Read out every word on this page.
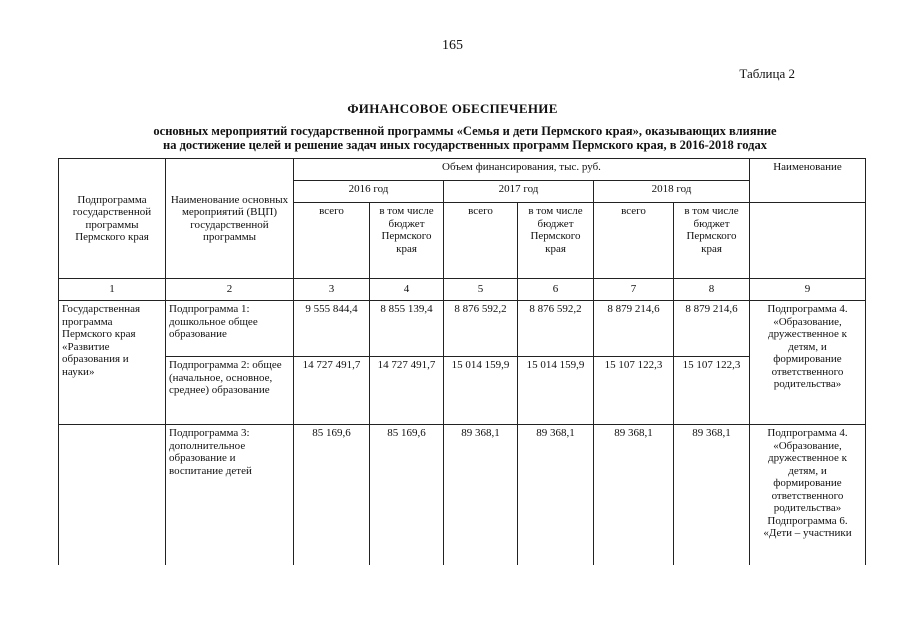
165
Таблица 2
ФИНАНСОВОЕ ОБЕСПЕЧЕНИЕ
основных мероприятий государственной программы «Семья и дети Пермского края», оказывающих влияние
на достижение целей и решение задач иных государственных программ Пермского края, в 2016-2018 годах
Подпрограмма государственной программы Пермского края	Наименование основных мероприятий (ВЦП) государственной программы	Объем финансирования, тыс. руб.						Наименование
		2016 год		2017 год		2018 год		
		всего	в том числе бюджет Пермского края	всего	в том числе бюджет Пермского края	всего	в том числе бюджет Пермского края	
1	2	3	4	5	6	7	8	9
Государственная программа Пермского края «Развитие образования и науки»	Подпрограмма 1: дошкольное общее образование	9 555 844,4	8 855 139,4	8 876 592,2	8 876 592,2	8 879 214,6	8 879 214,6	Подпрограмма 4. «Образование, дружественное к детям, и формирование ответственного родительства»
	Подпрограмма 2: общее (начальное, основное, среднее) образование	14 727 491,7	14 727 491,7	15 014 159,9	15 014 159,9	15 107 122,3	15 107 122,3	
	Подпрограмма 3: дополнительное образование и воспитание детей	85 169,6	85 169,6	89 368,1	89 368,1	89 368,1	89 368,1	Подпрограмма 4. «Образование, дружественное к детям, и формирование ответственного родительства» Подпрограмма 6. «Дети – участники
